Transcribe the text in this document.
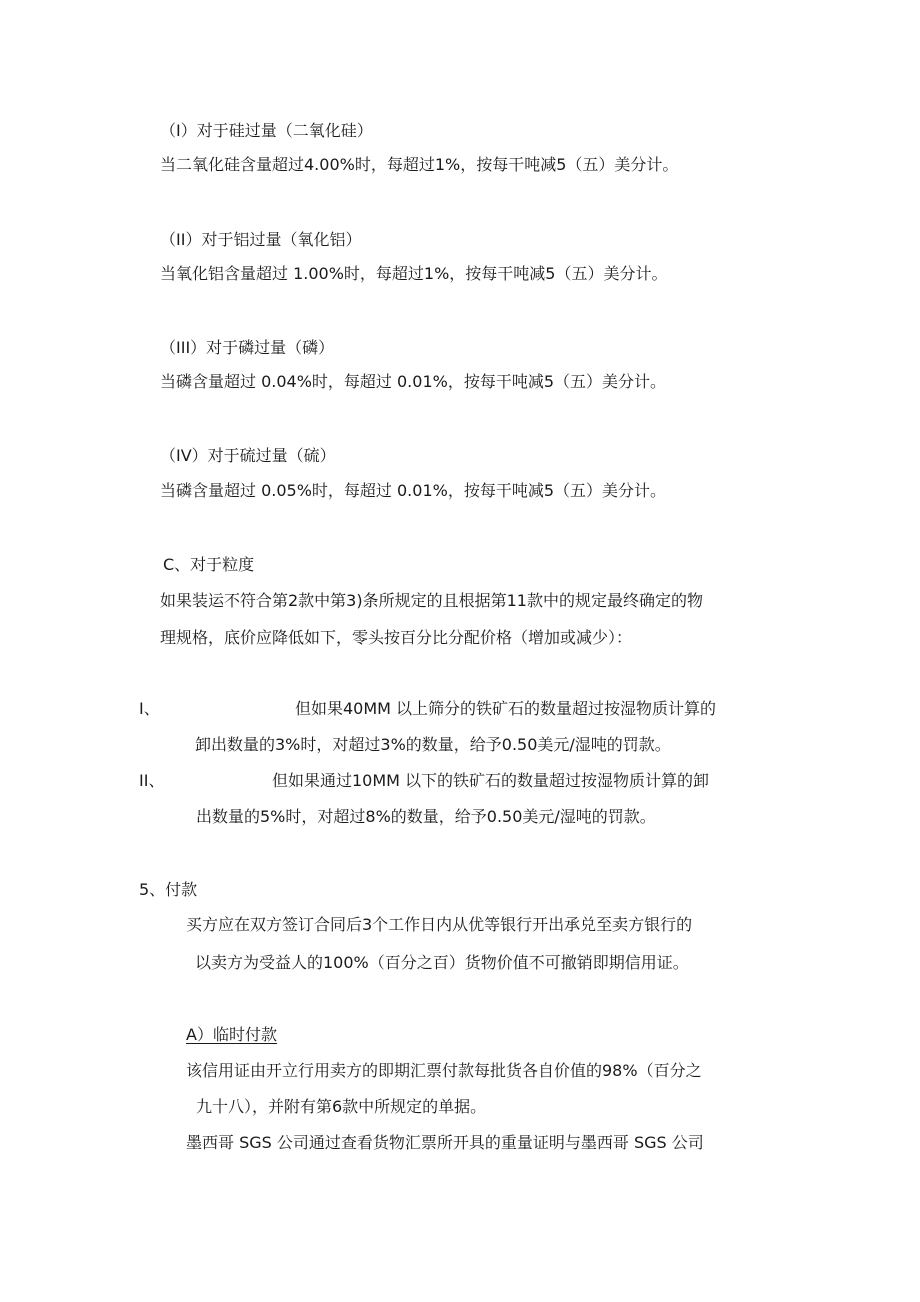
（I）对于硅过量（二氧化硅）
当二氧化硅含量超过4.00%时，每超过1%，按每干吨减5（五）美分计。
（II）对于铝过量（氧化铝）
当氧化铝含量超过 1.00%时，每超过1%，按每干吨减5（五）美分计。
（III）对于磷过量（磷）
当磷含量超过 0.04%时，每超过 0.01%，按每干吨减5（五）美分计。
（IV）对于硫过量（硫）
当磷含量超过 0.05%时，每超过 0.01%，按每干吨减5（五）美分计。
C、对于粒度
如果装运不符合第2款中第3)条所规定的且根据第11款中的规定最终确定的物
理规格，底价应降低如下，零头按百分比分配价格（增加或减少）：
I、	但如果40MM 以上筛分的铁矿石的数量超过按湿物质计算的
卸出数量的3%时，对超过3%的数量，给予0.50美元/湿吨的罚款。
II、	但如果通过10MM 以下的铁矿石的数量超过按湿物质计算的卸
出数量的5%时，对超过8%的数量，给予0.50美元/湿吨的罚款。
5、付款
买方应在双方签订合同后3个工作日内从优等银行开出承兑至卖方银行的
以卖方为受益人的100%（百分之百）货物价值不可撤销即期信用证。
A）临时付款
该信用证由开立行用卖方的即期汇票付款每批货各自价值的98%（百分之
九十八），并附有第6款中所规定的单据。
墨西哥 SGS 公司通过查看货物汇票所开具的重量证明与墨西哥 SGS 公司
